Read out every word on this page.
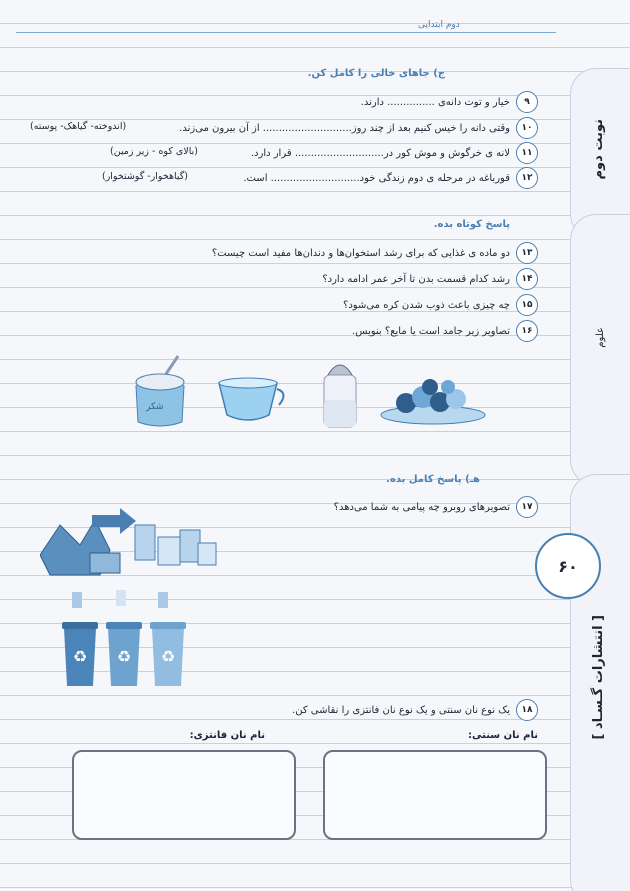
دوم ابتدایی
نوبت دوم
علوم
[ انتشارات گـسـاد ]
۶۰
ج) جاهای خالی را کامل کن.
۹
خیار و توت دانه‌ی ............... دارند.
۱۰
وقتی دانه را خیس کنیم بعد از چند روز............................ از آن بیرون می‌زند.
(اندوخته- گیاهک- پوسته)
۱۱
لانه ی خرگوش و موش کور در............................ قرار دارد.
(بالای کوه - زیر زمین)
۱۲
قورباغه در مرحله ی دوم زندگی خود............................ است.
(گیاهخوار- گوشتخوار)
پاسخ کوتاه بده.
۱۳
دو ماده ی غذایی که برای رشد استخوان‌ها و دندان‌ها مفید است چیست؟
۱۴
رشد کدام قسمت بدن تا آخر عمر ادامه دارد؟
۱۵
چه چیزی باعث ذوب شدن کره می‌شود؟
۱۶
تصاویر زیر جامد است یا مایع؟ بنویس.
شکر
هـ) پاسخ کامل بده.
۱۷
تصویرهای روبرو چه پیامی به شما می‌دهد؟
♻ ♻ ♻
۱۸
یک نوع نان سنتی و یک نوع نان فانتزی را نقاشی کن.
نام نان سنتی:
نام نان فانتزی:
